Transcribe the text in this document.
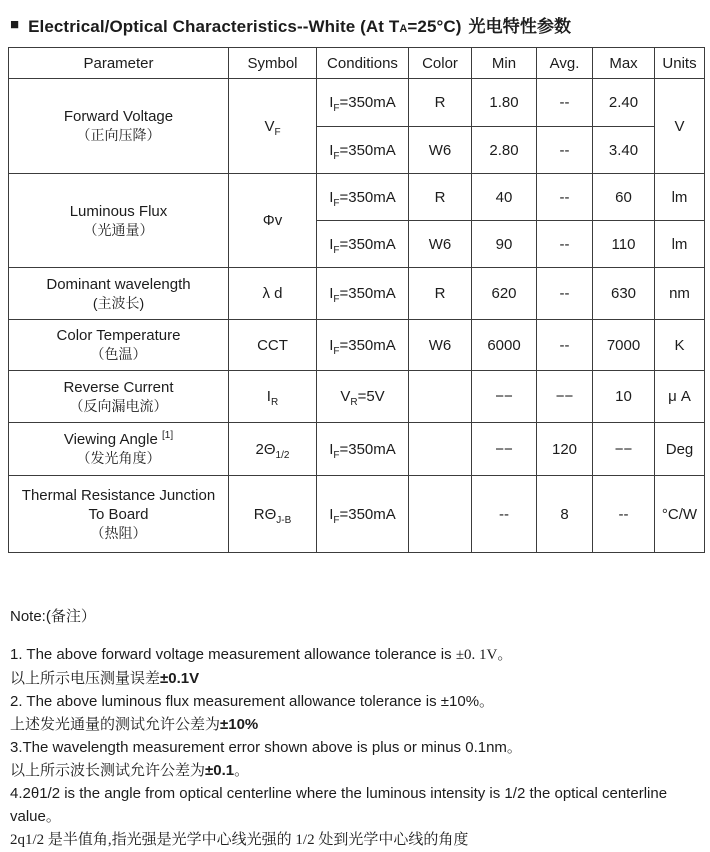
■ Electrical/Optical Characteristics--White (At TA=25°C) 光电特性参数
Parameter	Symbol	Conditions	Color	Min	Avg.	Max	Units

Forward Voltage
（正向压降）	$V_F$	$I_F=350mA$	R	1.80	--	2.40	V
		$I_F=350mA$	W6	2.80	--	3.40	

Luminous Flux
（光通量）	Φv	$I_F=350mA$	R	40	--	60	lm
		$I_F=350mA$	W6	90	--	110	lm

Dominant wavelength
(主波长)	λ d	$I_F=350mA$	R	620	--	630	nm

Color Temperature
（色温）	CCT	$I_F=350mA$	W6	6000	--	7000	K

Reverse Current
（反向漏电流）	$I_R$	$V_R=5V$		−−	−−	10	μ A

Viewing Angle [1]
（发光角度）	$2\Theta_{1/2}$	$I_F=350mA$		−−	120	−−	Deg

Thermal Resistance Junction
To Board
（热阻）	$R\Theta_{J-B}$	$I_F=350mA$		--	8	--	°C/W
Note:(备注）
1. The above forward voltage measurement allowance tolerance is ±0. 1V。
以上所示电压测量误差±0.1V
2. The above luminous flux measurement allowance tolerance is ±10%。
上述发光通量的测试允许公差为±10%
3.The wavelength measurement error shown above is plus or minus 0.1nm。
以上所示波长测试允许公差为±0.1。
4.2θ1/2 is the angle from optical centerline where the luminous intensity is 1/2 the optical centerline value。
2q1/2 是半值角,指光强是光学中心线光强的 1/2 处到光学中心线的角度
